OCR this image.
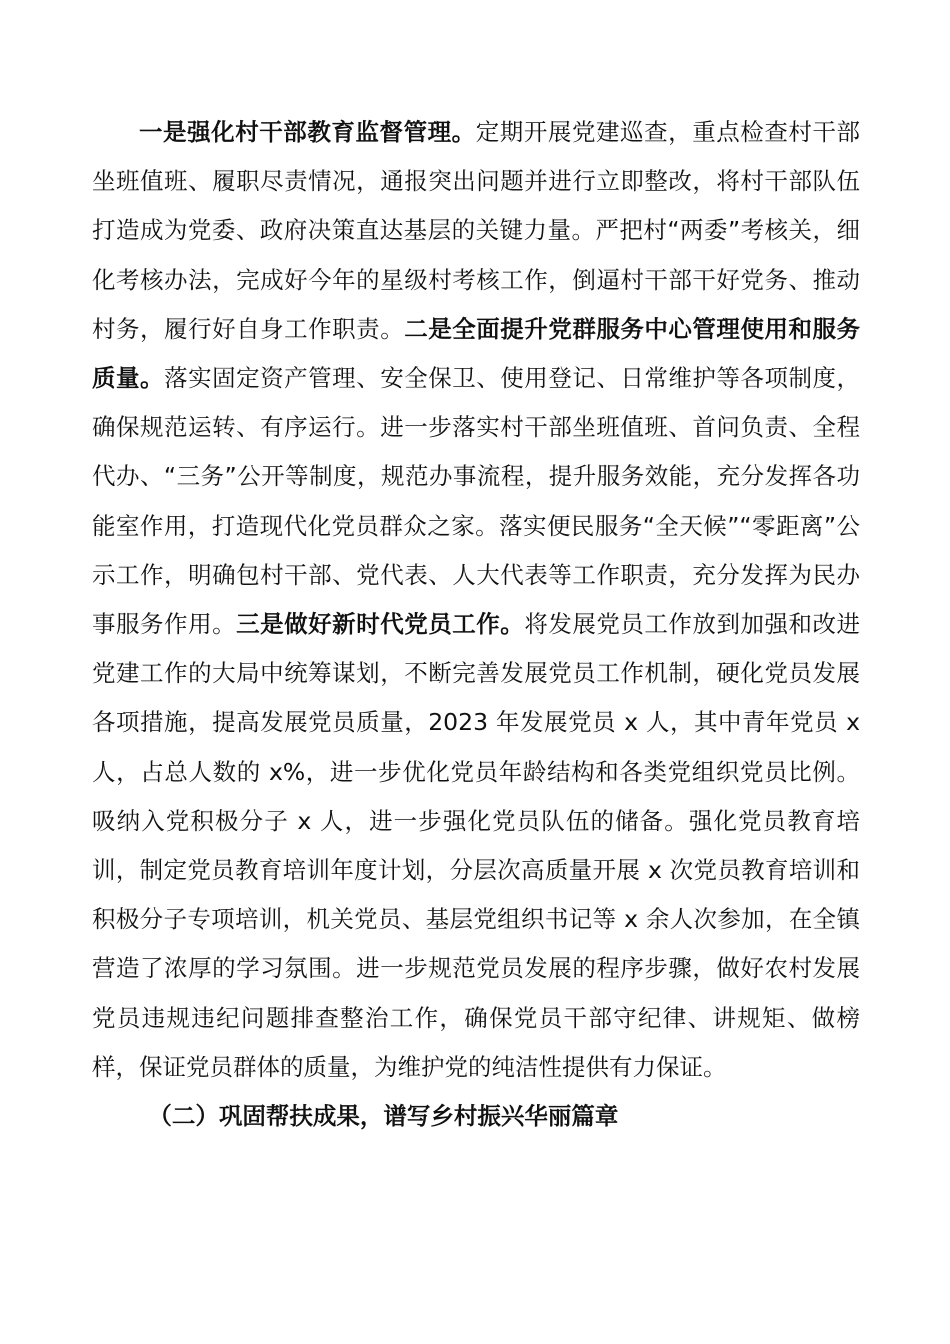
一是强化村干部教育监督管理。定期开展党建巡查，重点检查村干部坐班值班、履职尽责情况，通报突出问题并进行立即整改，将村干部队伍打造成为党委、政府决策直达基层的关键力量。严把村“两委”考核关，细化考核办法，完成好今年的星级村考核工作，倒逼村干部干好党务、推动村务，履行好自身工作职责。二是全面提升党群服务中心管理使用和服务质量。落实固定资产管理、安全保卫、使用登记、日常维护等各项制度，确保规范运转、有序运行。进一步落实村干部坐班值班、首问负责、全程代办、“三务”公开等制度，规范办事流程，提升服务效能，充分发挥各功能室作用，打造现代化党员群众之家。落实便民服务“全天候”“零距离”公示工作，明确包村干部、党代表、人大代表等工作职责，充分发挥为民办事服务作用。三是做好新时代党员工作。将发展党员工作放到加强和改进党建工作的大局中统筹谋划，不断完善发展党员工作机制，硬化党员发展各项措施，提高发展党员质量，2023 年发展党员 x 人，其中青年党员 x 人，占总人数的 x%，进一步优化党员年龄结构和各类党组织党员比例。吸纳入党积极分子 x 人，进一步强化党员队伍的储备。强化党员教育培训，制定党员教育培训年度计划，分层次高质量开展 x 次党员教育培训和积极分子专项培训，机关党员、基层党组织书记等 x 余人次参加，在全镇营造了浓厚的学习氛围。进一步规范党员发展的程序步骤，做好农村发展党员违规违纪问题排查整治工作，确保党员干部守纪律、讲规矩、做榜样，保证党员群体的质量，为维护党的纯洁性提供有力保证。

（二）巩固帮扶成果，谱写乡村振兴华丽篇章
